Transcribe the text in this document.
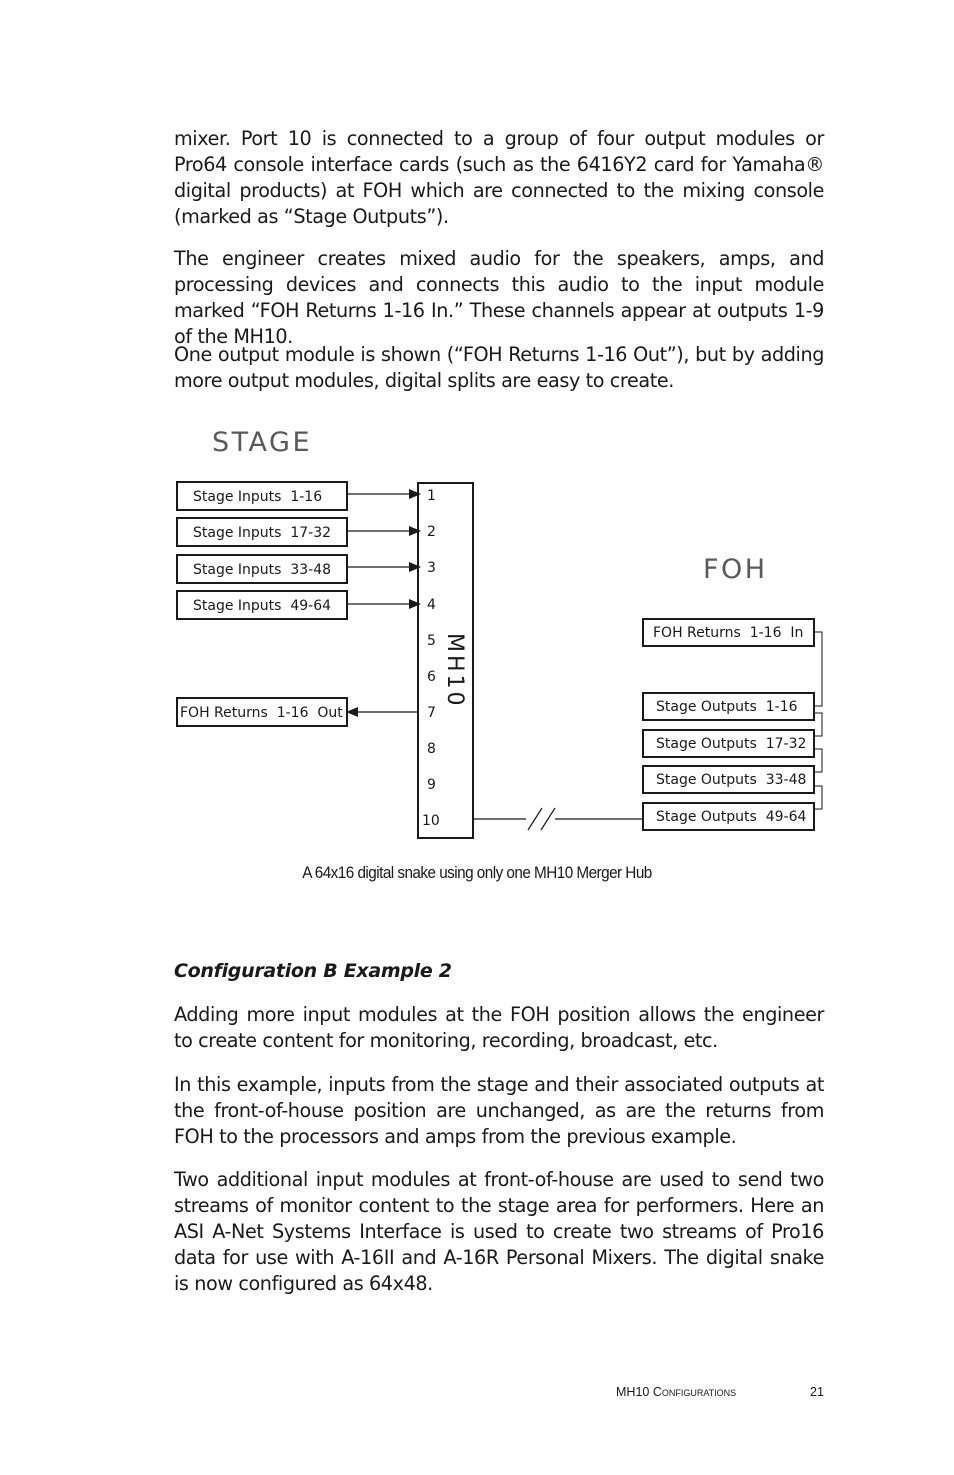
mixer. Port 10 is connected to a group of four output modules or Pro64 console interface cards (such as the 6416Y2 card for Yamaha® digital products) at FOH which are connected to the mixing console (marked as “Stage Outputs”).

The engineer creates mixed audio for the speakers, amps, and processing devices and connects this audio to the input module marked “FOH Returns 1-16 In.” These channels appear at outputs 1-9 of the MH10.

One output module is shown (“FOH Returns 1-16 Out”), but by adding more output modules, digital splits are easy to create.

STAGE
FOH
MH10
1
2
3
4
5
6
7
8
9
10
Stage Inputs  1-16
Stage Inputs  17-32
Stage Inputs  33-48
Stage Inputs  49-64
FOH Returns  1-16  Out
FOH Returns  1-16  In
Stage Outputs  1-16
Stage Outputs  17-32
Stage Outputs  33-48
Stage Outputs  49-64
A 64x16 digital snake using only one MH10 Merger Hub
Configuration B Example 2

Adding more input modules at the FOH position allows the engineer to create content for monitoring, recording, broadcast, etc.

In this example, inputs from the stage and their associated outputs at the front-of-house position are unchanged, as are the returns from FOH to the processors and amps from the previous example.

Two additional input modules at front-of-house are used to send two streams of monitor content to the stage area for performers. Here an ASI A-Net Systems Interface is used to create two streams of Pro16 data for use with A-16II and A-16R Personal Mixers. The digital snake is now configured as 64x48.

MH10 Configurations	21
